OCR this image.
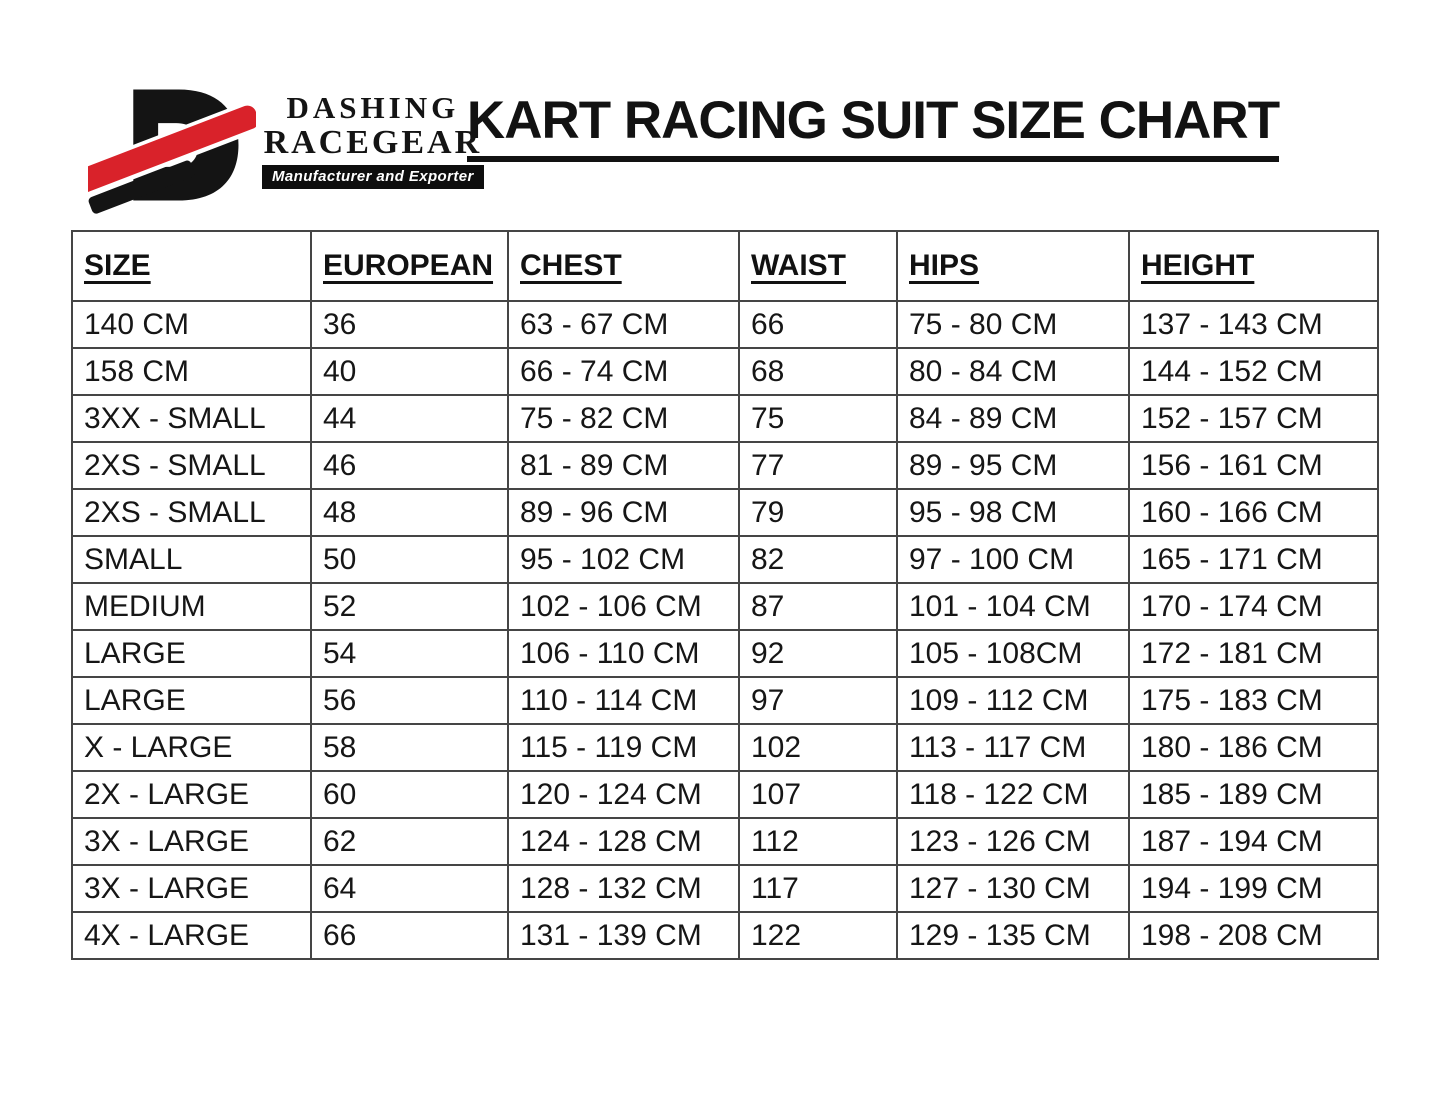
DASHING
RACEGEAR
Manufacturer and Exporter
KART RACING SUIT SIZE CHART
SIZE	EUROPEAN	CHEST	WAIST	HIPS	HEIGHT
140 CM	36	63 - 67 CM	66	75 - 80 CM	137 - 143 CM
158 CM	40	66 - 74 CM	68	80 - 84 CM	144 - 152 CM
3XX - SMALL	44	75 - 82 CM	75	84 - 89 CM	152 - 157 CM
2XS - SMALL	46	81 - 89 CM	77	89 - 95 CM	156 - 161 CM
2XS - SMALL	48	89 - 96 CM	79	95 - 98 CM	160 - 166 CM
SMALL	50	95 - 102 CM	82	97 - 100 CM	165 - 171 CM
MEDIUM	52	102 - 106 CM	87	101 - 104 CM	170 - 174 CM
LARGE	54	106 - 110 CM	92	105 - 108CM	172 - 181 CM
LARGE	56	110 - 114 CM	97	109 - 112 CM	175 - 183 CM
X - LARGE	58	115 - 119 CM	102	113 - 117 CM	180 - 186 CM
2X - LARGE	60	120 - 124 CM	107	118 - 122 CM	185 - 189 CM
3X - LARGE	62	124 - 128 CM	112	123 - 126 CM	187 - 194 CM
3X - LARGE	64	128 - 132 CM	117	127 - 130 CM	194 - 199 CM
4X - LARGE	66	131 - 139 CM	122	129 - 135 CM	198 - 208 CM
